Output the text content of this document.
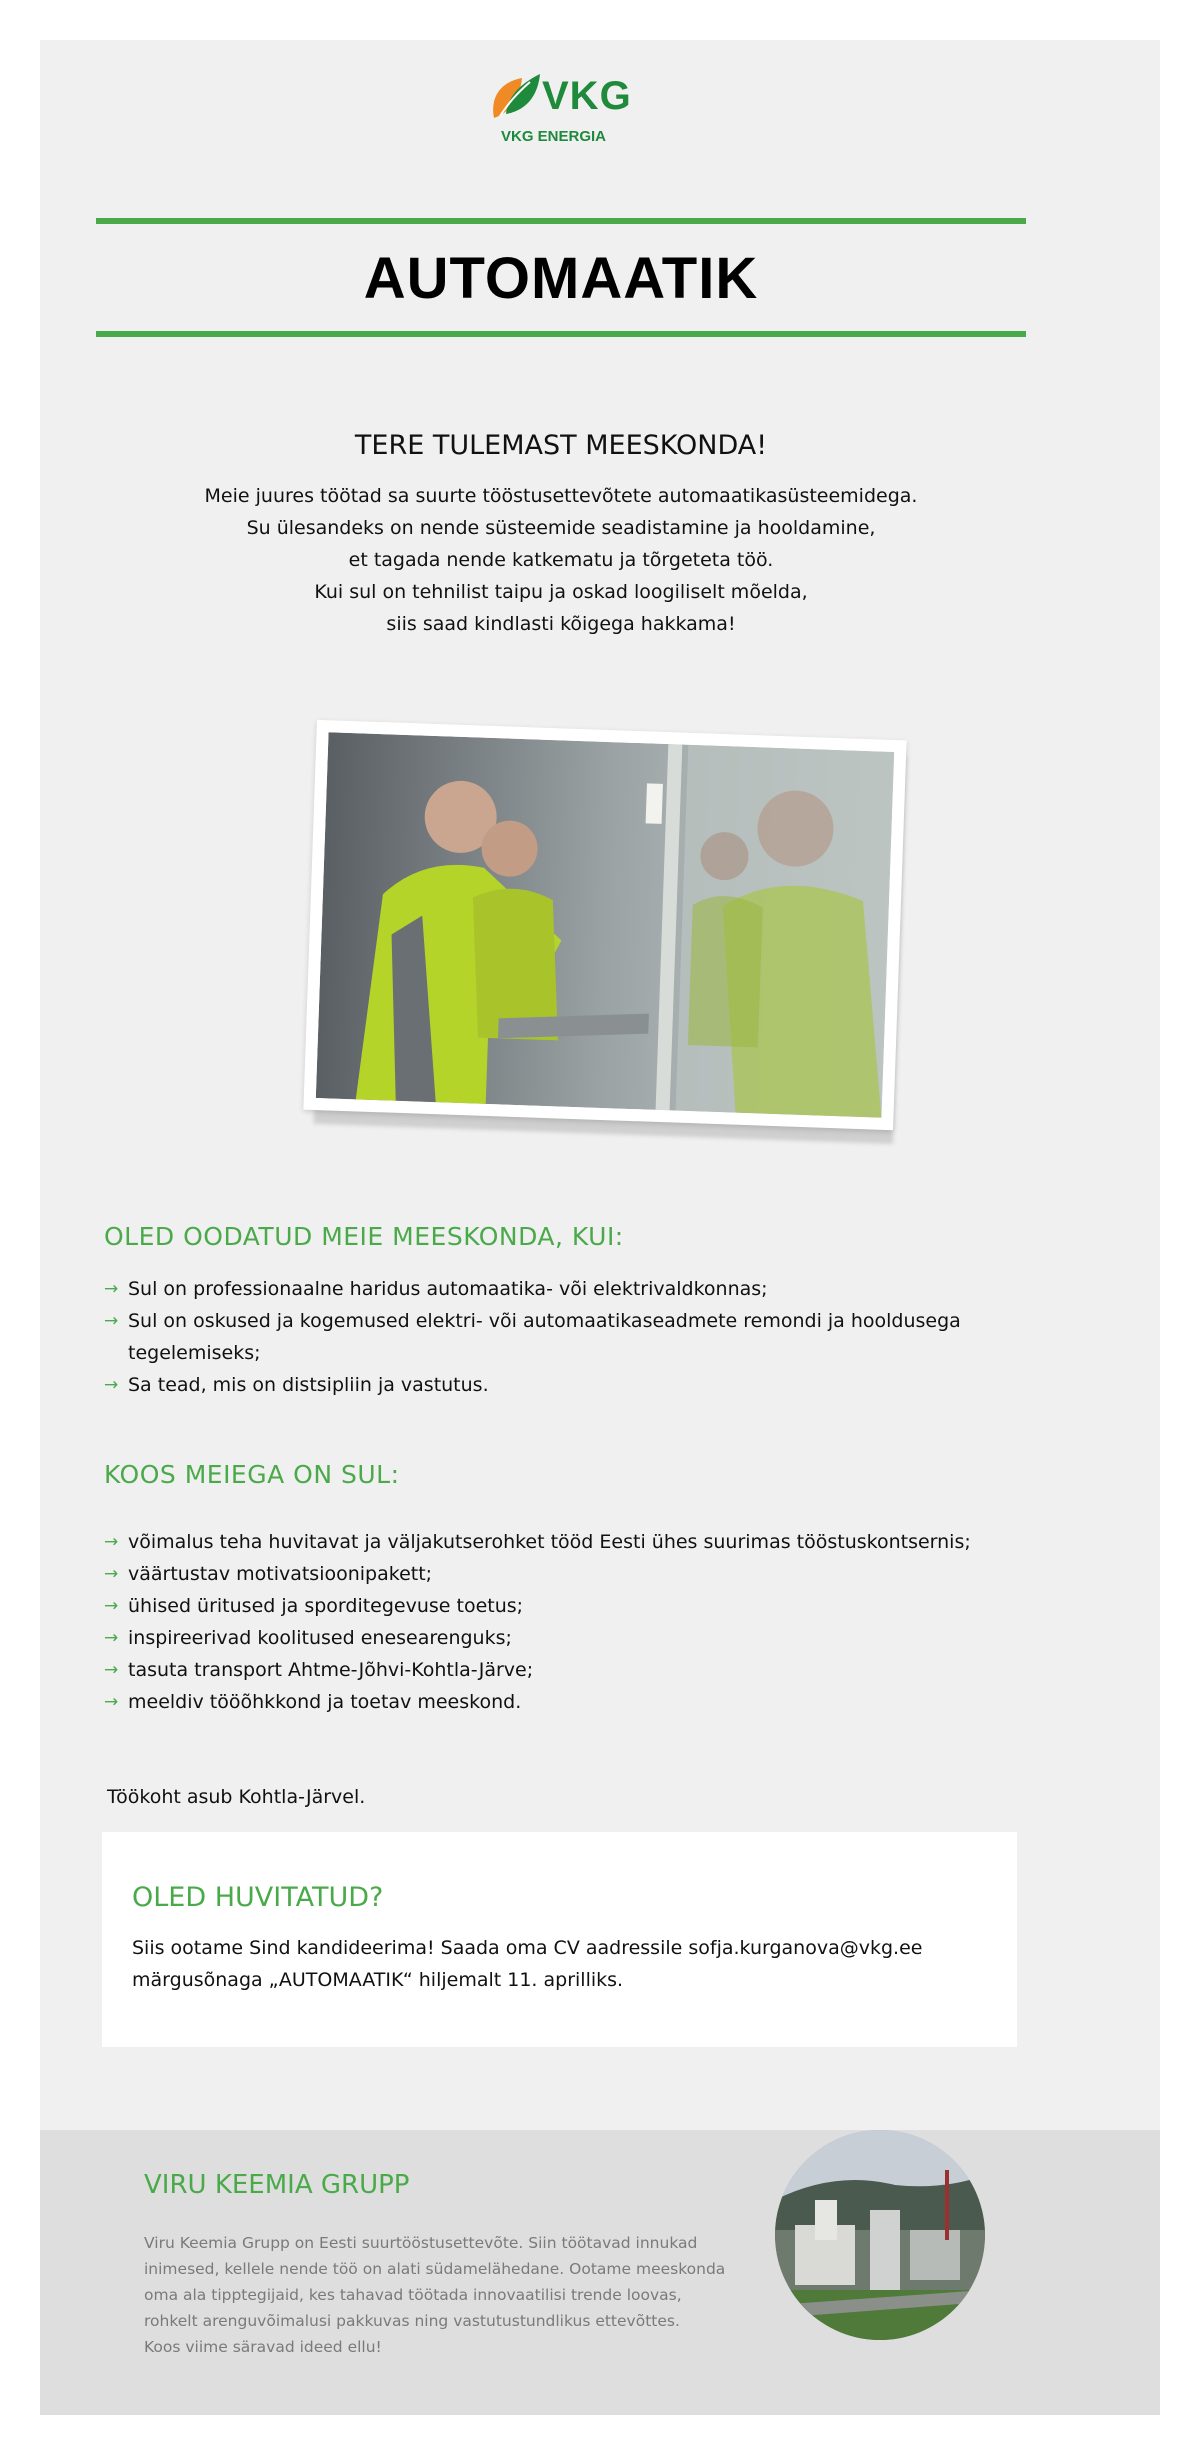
VKG
VKG ENERGIA
AUTOMAATIK
TERE TULEMAST MEESKONDA!
Meie juures töötad sa suurte tööstusettevõtete automaatikasüsteemidega.
Su ülesandeks on nende süsteemide seadistamine ja hooldamine,
et tagada nende katkematu ja tõrgeteta töö.
Kui sul on tehnilist taipu ja oskad loogiliselt mõelda,
siis saad kindlasti kõigega hakkama!
OLED OODATUD MEIE MEESKONDA, KUI:
→ Sul on professionaalne haridus automaatika- või elektrivaldkonnas;
→ Sul on oskused ja kogemused elektri- või automaatikaseadmete remondi ja hooldusega tegelemiseks;
→ Sa tead, mis on distsipliin ja vastutus.
KOOS MEIEGA ON SUL:
→ võimalus teha huvitavat ja väljakutserohket tööd Eesti ühes suurimas tööstuskontsernis;
→ väärtustav motivatsioonipakett;
→ ühised üritused ja sporditegevuse toetus;
→ inspireerivad koolitused enesearenguks;
→ tasuta transport Ahtme-Jõhvi-Kohtla-Järve;
→ meeldiv tööõhkkond ja toetav meeskond.
Töökoht asub Kohtla-Järvel.
OLED HUVITATUD?
Siis ootame Sind kandideerima! Saada oma CV aadressile sofja.kurganova@vkg.ee märgusõnaga „AUTOMAATIK“ hiljemalt 11. aprilliks.
VIRU KEEMIA GRUPP
Viru Keemia Grupp on Eesti suurtööstusettevõte. Siin töötavad innukad
inimesed, kellele nende töö on alati südamelähedane. Ootame meeskonda
oma ala tipptegijaid, kes tahavad töötada innovaatilisi trende loovas,
rohkelt arenguvõimalusi pakkuvas ning vastutustundlikus ettevõttes.
Koos viime säravad ideed ellu!
